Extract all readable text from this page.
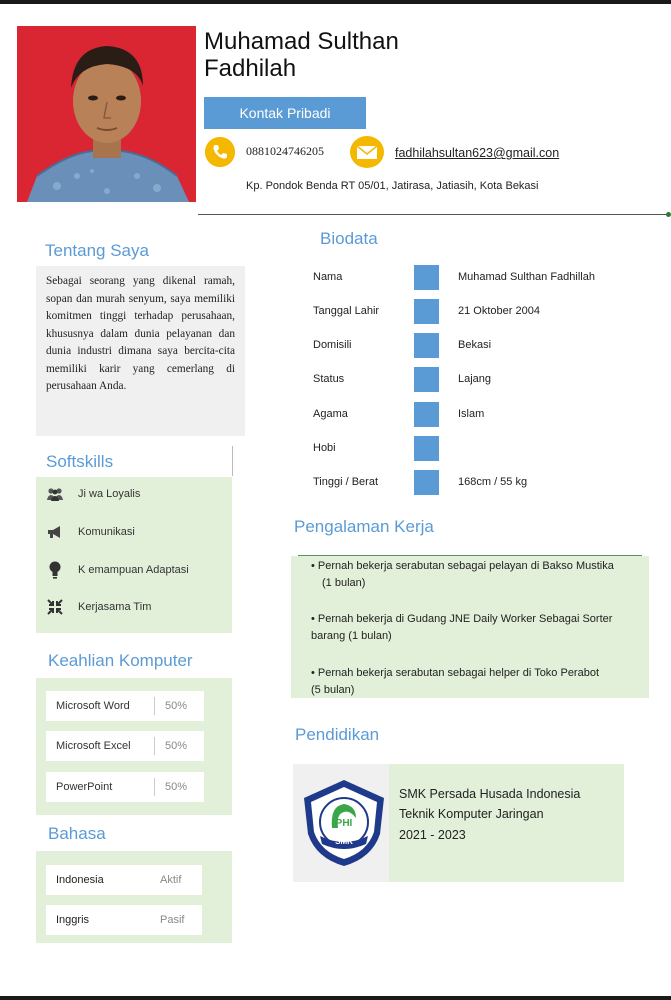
Muhamad Sulthan
Fadhilah
Kontak Pribadi
0881024746205	fadhilahsultan623@gmail.con
Kp. Pondok Benda RT 05/01, Jatirasa, Jatiasih, Kota Bekasi
Tentang Saya

Sebagai seorang yang dikenal ramah, sopan dan murah senyum, saya memiliki komitmen tinggi terhadap perusahaan, khususnya dalam dunia pelayanan dan dunia industri dimana saya bercita-cita memiliki karir yang cemerlang di perusahaan Anda.

Softskills
Ji wa Loyalis
Komunikasi
K emampuan Adaptasi
Kerjasama Tim
Keahlian Komputer
Microsoft Word	50%
Microsoft Excel	50%
PowerPoint	50%
Bahasa
Indonesia	Aktif
Inggris	Pasif
Biodata
Nama	Muhamad Sulthan Fadhillah
Tanggal Lahir	21 Oktober 2004
Domisili	Bekasi
Status	Lajang
Agama	Islam
Hobi
Tinggi / Berat	168cm / 55 kg
Pengalaman Kerja
• Pernah bekerja serabutan sebagai pelayan di Bakso Mustika
(1 bulan)
• Pernah bekerja di Gudang JNE Daily Worker Sebagai Sorter
barang (1 bulan)
• Pernah bekerja serabutan sebagai helper di Toko Perabot
(5 bulan)
Pendidikan
PHI
SMK
SMK Persada Husada Indonesia
Teknik Komputer Jaringan
2021 - 2023
